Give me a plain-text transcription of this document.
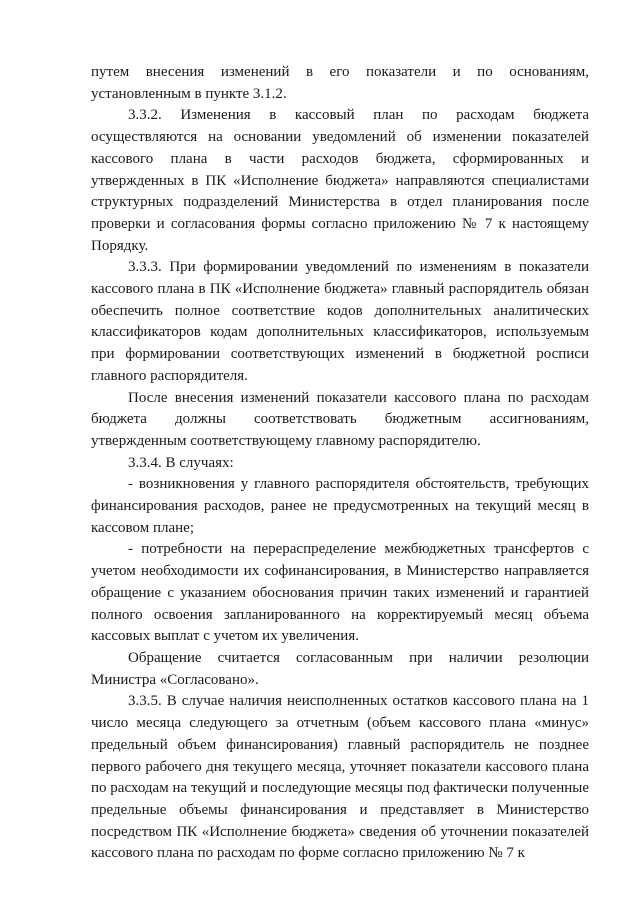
путем внесения изменений в его показатели и по основаниям, установленным в пункте 3.1.2.

3.3.2. Изменения в кассовый план по расходам бюджета осуществляются на основании уведомлений об изменении показателей кассового плана в части расходов бюджета, сформированных и утвержденных в ПК «Исполнение бюджета» направляются специалистами структурных подразделений Министерства в отдел планирования после проверки и согласования формы согласно приложению № 7 к настоящему Порядку.

3.3.3. При формировании уведомлений по изменениям в показатели кассового плана в ПК «Исполнение бюджета» главный распорядитель обязан обеспечить полное соответствие кодов дополнительных аналитических классификаторов кодам дополнительных классификаторов, используемым при формировании соответствующих изменений в бюджетной росписи главного распорядителя.

После внесения изменений показатели кассового плана по расходам бюджета должны соответствовать бюджетным ассигнованиям, утвержденным соответствующему главному распорядителю.

3.3.4. В случаях:

- возникновения у главного распорядителя обстоятельств, требующих финансирования расходов, ранее не предусмотренных на текущий месяц в кассовом плане;

- потребности на перераспределение межбюджетных трансфертов с учетом необходимости их софинансирования, в Министерство направляется обращение с указанием обоснования причин таких изменений и гарантией полного освоения запланированного на корректируемый месяц объема кассовых выплат с учетом их увеличения.

Обращение считается согласованным при наличии резолюции Министра «Согласовано».

3.3.5. В случае наличия неисполненных остатков кассового плана на 1 число месяца следующего за отчетным (объем кассового плана «минус» предельный объем финансирования) главный распорядитель не позднее первого рабочего дня текущего месяца, уточняет показатели кассового плана по расходам на текущий и последующие месяцы под фактически полученные предельные объемы финансирования и представляет в Министерство посредством ПК «Исполнение бюджета» сведения об уточнении показателей кассового плана по расходам по форме согласно приложению № 7 к
